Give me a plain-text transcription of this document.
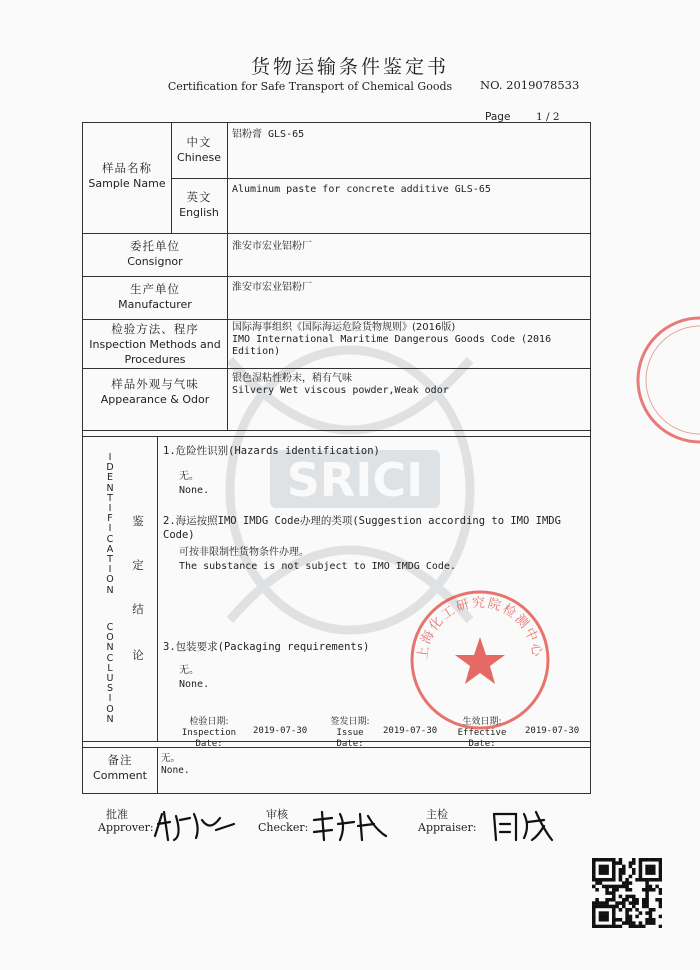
SRICI
货物运输条件鉴定书
Certification for Safe Transport of Chemical Goods	NO. 2019078533
Page 1 / 2
样品名称
Sample Name
中文
Chinese
铝粉膏 GLS-65
英文
English
Aluminum paste for concrete additive GLS-65
委托单位
Consignor
淮安市宏业铝粉厂
生产单位
Manufacturer
淮安市宏业铝粉厂
检验方法、程序
Inspection Methods and
Procedures
国际海事组织《国际海运危险货物规则》(2016版)
IMO International Maritime Dangerous Goods Code (2016
Edition)
样品外观与气味
Appearance & Odor
银色湿粘性粉末，稍有气味
Silvery Wet viscous powder,Weak odor
I
D
E
N
T
I
F
I
C
A
T
I
O
N
C
O
N
C
L
U
S
I
O
N
鉴
定
结
论
1.危险性识别(Hazards identification)
无。
None.
2.海运按照IMO IMDG Code办理的类项(Suggestion according to IMO IMDG
Code)
可按非限制性货物条件办理。
The substance is not subject to IMO IMDG Code.
3.包装要求(Packaging requirements)
无。
None.
检验日期:
Inspection Date:
2019-07-30
签发日期:
Issue Date:
2019-07-30
生效日期:
Effective Date:
2019-07-30
备注
Comment
无。
None.
上海化工研究院检测中心
批准
Approver:
审核
Checker:
主检
Appraiser:
